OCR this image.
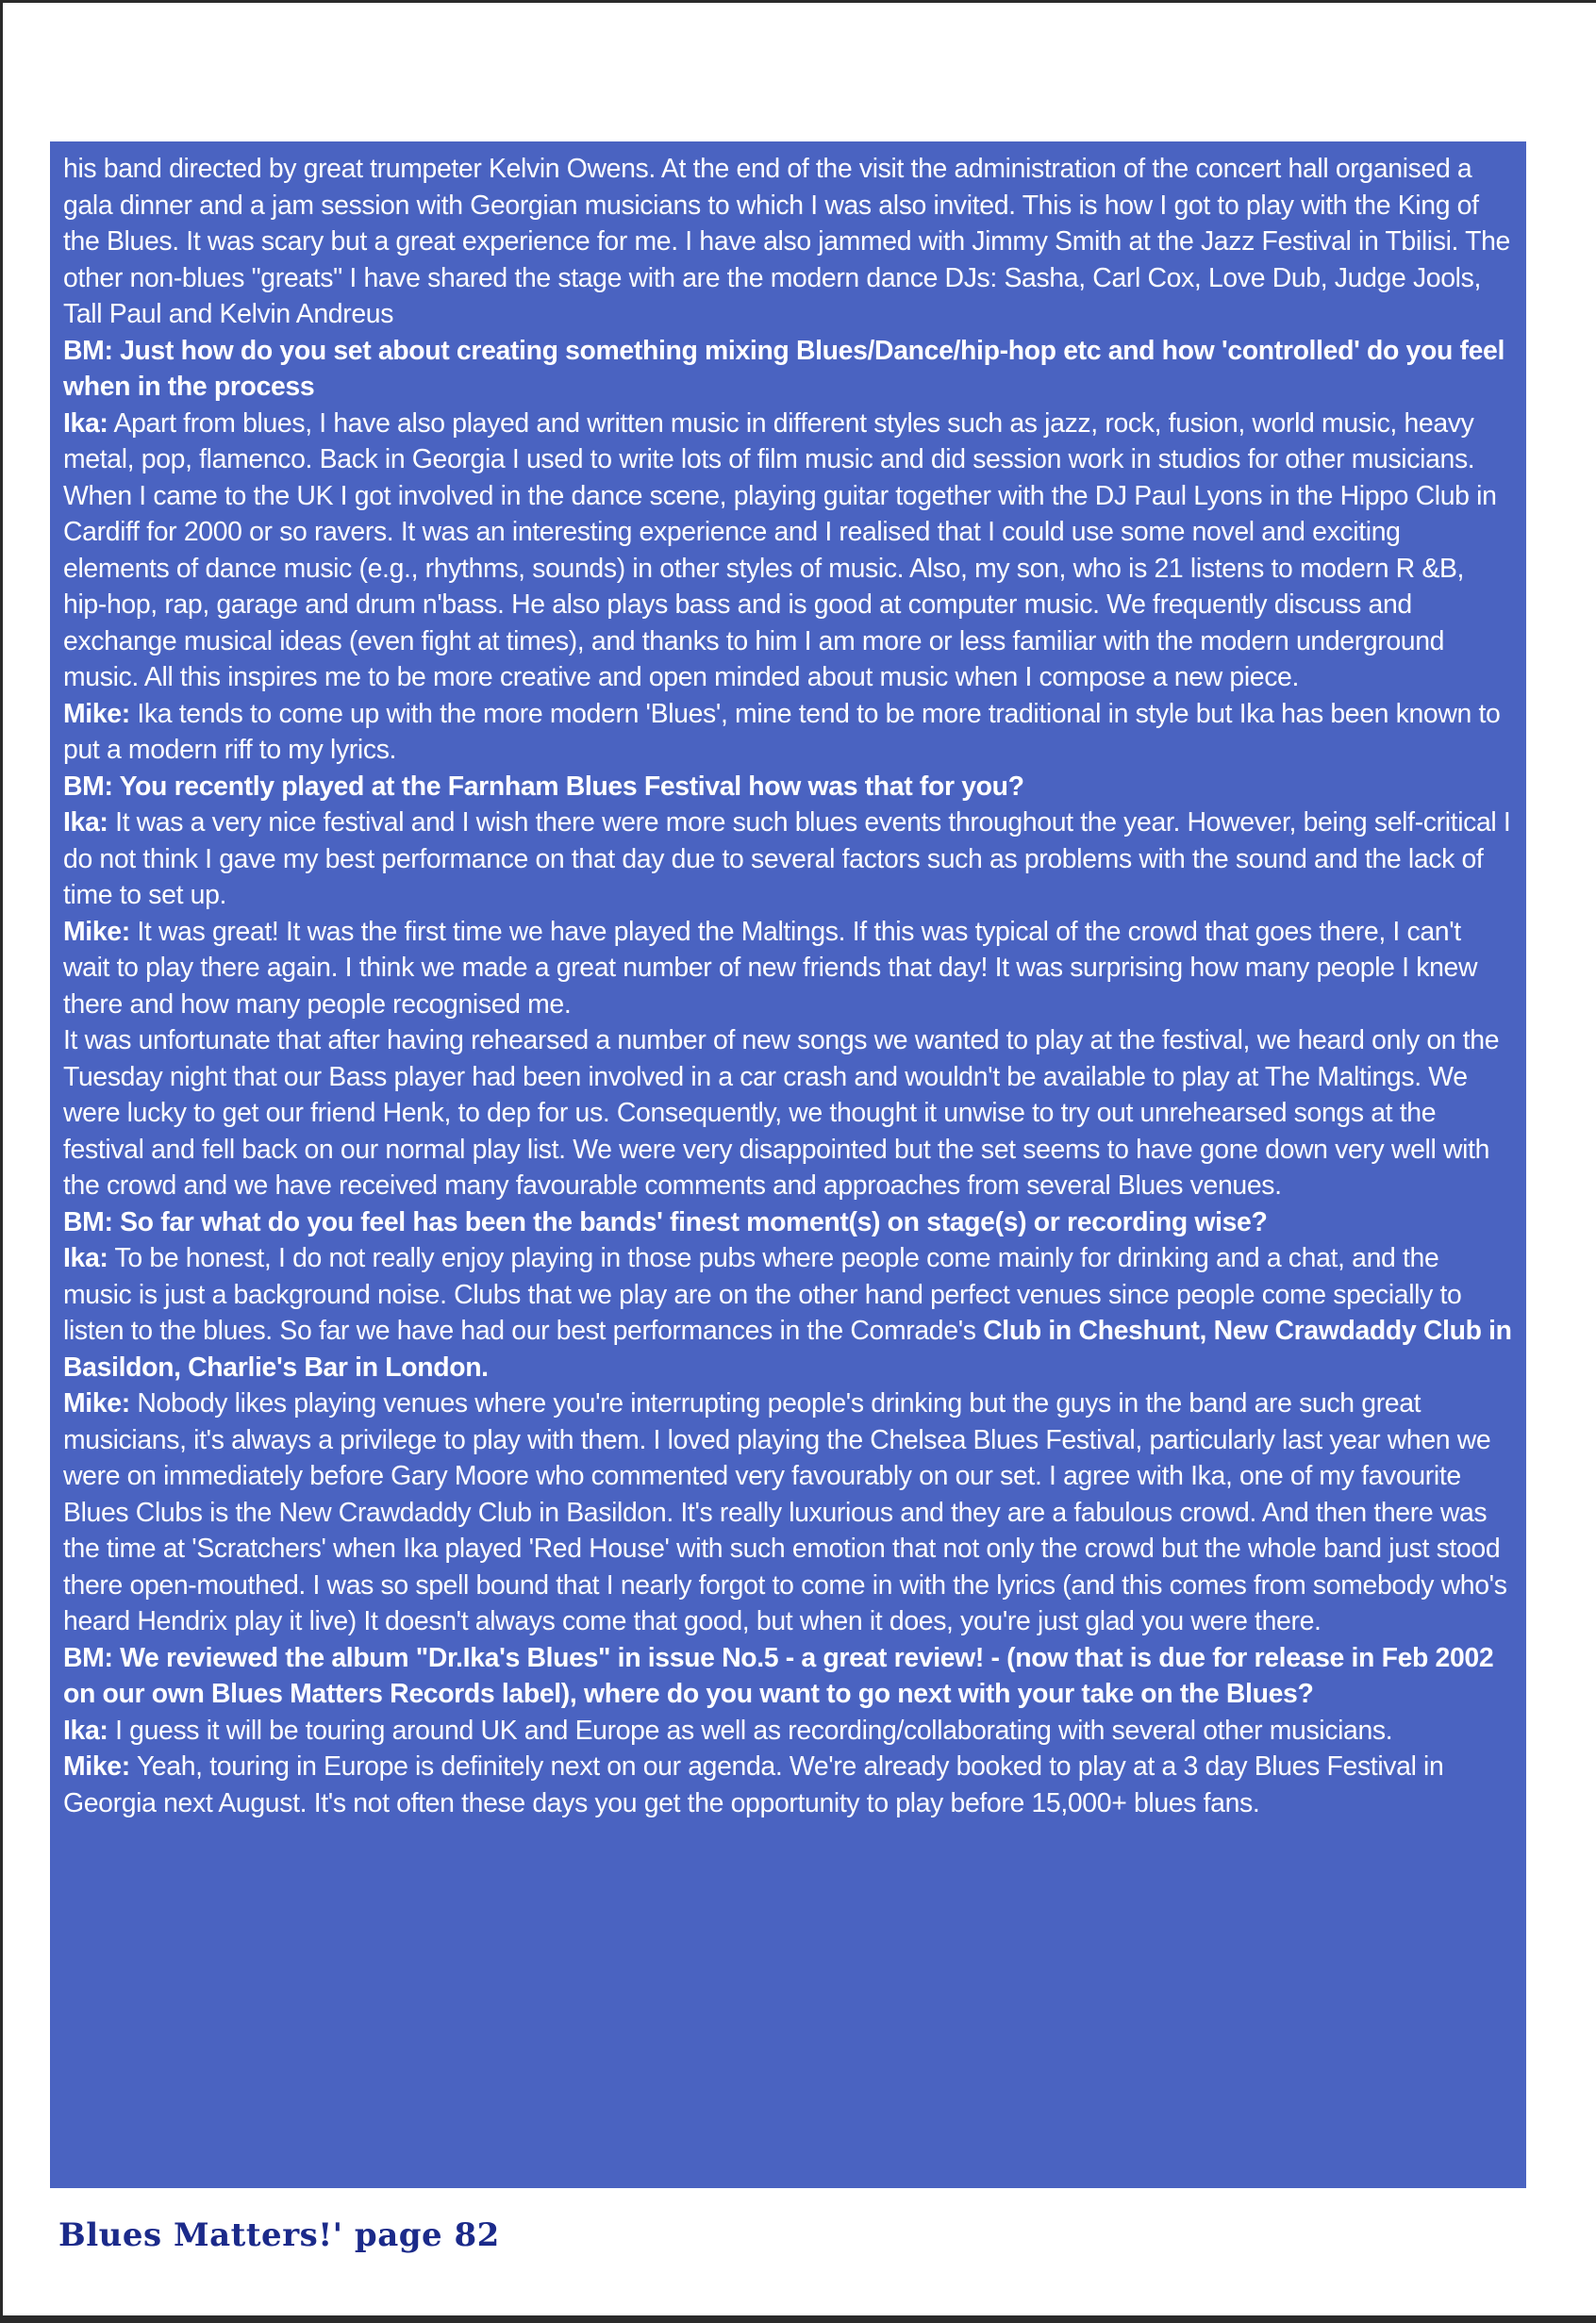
his band directed by great trumpeter Kelvin Owens. At the end of the visit the administration of the concert hall organised a gala dinner and a jam session with Georgian musicians to which I was also invited. This is how I got to play with the King of the Blues. It was scary but a great experience for me. I have also jammed with Jimmy Smith at the Jazz Festival in Tbilisi. The other non-blues "greats" I have shared the stage with are the modern dance DJs: Sasha, Carl Cox, Love Dub, Judge Jools, Tall Paul and Kelvin Andreus

BM: Just how do you set about creating something mixing Blues/Dance/hip-hop etc and how 'controlled' do you feel when in the process

Ika: Apart from blues, I have also played and written music in different styles such as jazz, rock, fusion, world music, heavy metal, pop, flamenco. Back in Georgia I used to write lots of film music and did session work in studios for other musicians. When I came to the UK I got involved in the dance scene, playing guitar together with the DJ Paul Lyons in the Hippo Club in Cardiff for 2000 or so ravers. It was an interesting experience and I realised that I could use some novel and exciting elements of dance music (e.g., rhythms, sounds) in other styles of music. Also, my son, who is 21 listens to modern R &B, hip-hop, rap, garage and drum n'bass. He also plays bass and is good at computer music. We frequently discuss and exchange musical ideas (even fight at times), and thanks to him I am more or less familiar with the modern underground music. All this inspires me to be more creative and open minded about music when I compose a new piece.

Mike: Ika tends to come up with the more modern 'Blues', mine tend to be more traditional in style but Ika has been known to put a modern riff to my lyrics.

BM: You recently played at the Farnham Blues Festival how was that for you?

Ika: It was a very nice festival and I wish there were more such blues events throughout the year. However, being self-critical I do not think I gave my best performance on that day due to several factors such as problems with the sound and the lack of time to set up.

Mike: It was great! It was the first time we have played the Maltings. If this was typical of the crowd that goes there, I can't wait to play there again. I think we made a great number of new friends that day! It was surprising how many people I knew there and how many people recognised me.

It was unfortunate that after having rehearsed a number of new songs we wanted to play at the festival, we heard only on the Tuesday night that our Bass player had been involved in a car crash and wouldn't be available to play at The Maltings. We were lucky to get our friend Henk, to dep for us. Consequently, we thought it unwise to try out unrehearsed songs at the festival and fell back on our normal play list. We were very disappointed but the set seems to have gone down very well with the crowd and we have received many favourable comments and approaches from several Blues venues.

BM: So far what do you feel has been the bands' finest moment(s) on stage(s) or recording wise?

Ika: To be honest, I do not really enjoy playing in those pubs where people come mainly for drinking and a chat, and the music is just a background noise. Clubs that we play are on the other hand perfect venues since people come specially to listen to the blues. So far we have had our best performances in the Comrade's Club in Cheshunt, New Crawdaddy Club in Basildon, Charlie's Bar in London.

Mike: Nobody likes playing venues where you're interrupting people's drinking but the guys in the band are such great musicians, it's always a privilege to play with them. I loved playing the Chelsea Blues Festival, particularly last year when we were on immediately before Gary Moore who commented very favourably on our set. I agree with Ika, one of my favourite Blues Clubs is the New Crawdaddy Club in Basildon. It's really luxurious and they are a fabulous crowd. And then there was the time at 'Scratchers' when Ika played 'Red House' with such emotion that not only the crowd but the whole band just stood there open-mouthed. I was so spell bound that I nearly forgot to come in with the lyrics (and this comes from somebody who's heard Hendrix play it live) It doesn't always come that good, but when it does, you're just glad you were there.

BM: We reviewed the album "Dr.Ika's Blues" in issue No.5 - a great review! - (now that is due for release in Feb 2002 on our own Blues Matters Records label), where do you want to go next with your take on the Blues?

Ika: I guess it will be touring around UK and Europe as well as recording/collaborating with several other musicians.

Mike: Yeah, touring in Europe is definitely next on our agenda. We're already booked to play at a 3 day Blues Festival in Georgia next August. It's not often these days you get the opportunity to play before 15,000+ blues fans.

Blues Matters!' page 82
